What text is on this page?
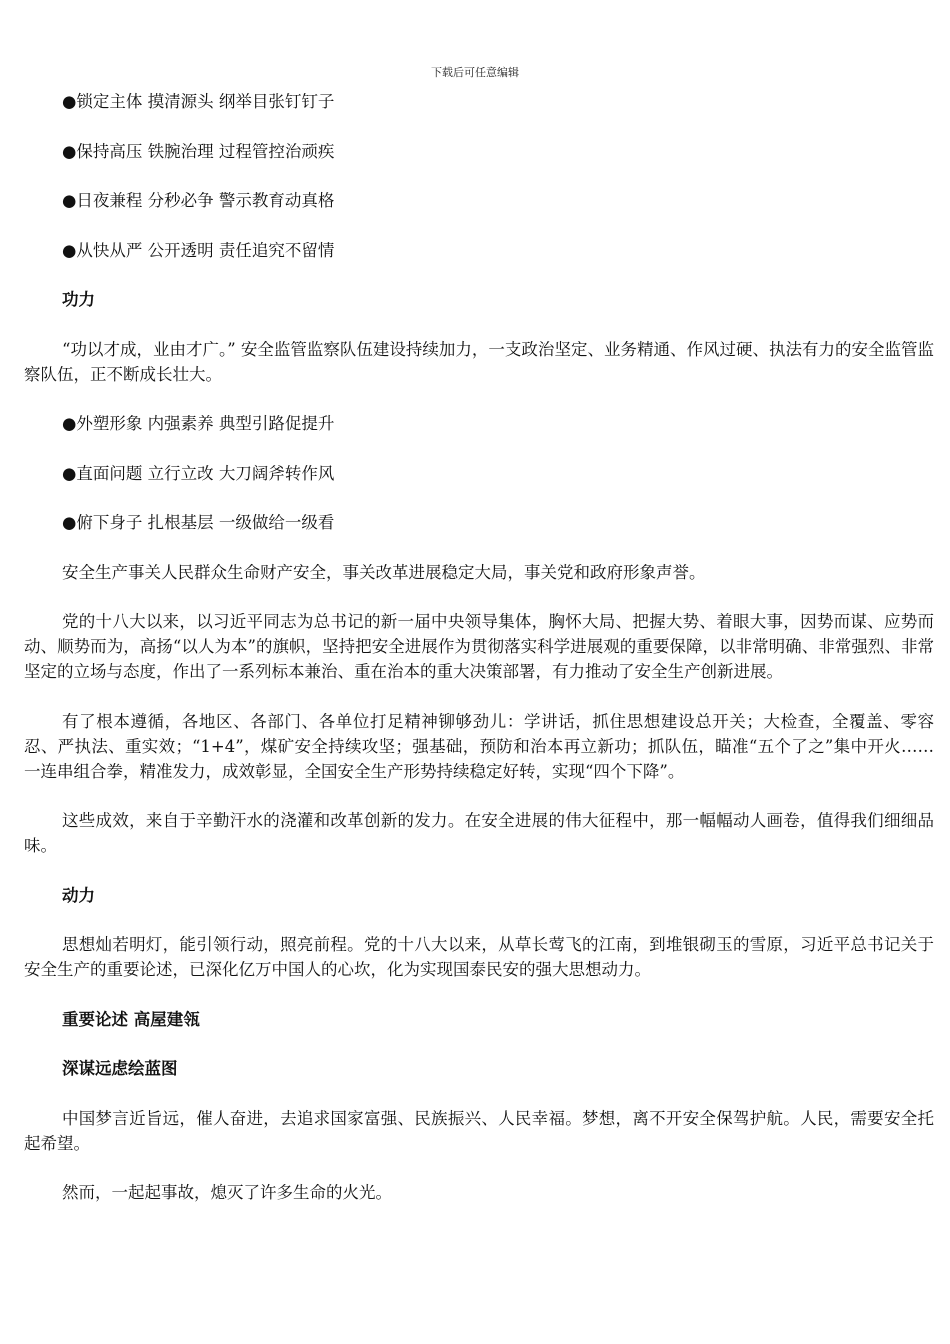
下载后可任意编辑

●锁定主体 摸清源头 纲举目张钉钉子

●保持高压 铁腕治理 过程管控治顽疾

●日夜兼程 分秒必争 警示教育动真格

●从快从严 公开透明 责任追究不留情

功力

“功以才成，业由才广。” 安全监管监察队伍建设持续加力，一支政治坚定、业务精通、作风过硬、执法有力的安全监管监察队伍，正不断成长壮大。

●外塑形象 内强素养 典型引路促提升

●直面问题 立行立改 大刀阔斧转作风

●俯下身子 扎根基层 一级做给一级看

安全生产事关人民群众生命财产安全，事关改革进展稳定大局，事关党和政府形象声誉。

党的十八大以来，以习近平同志为总书记的新一届中央领导集体，胸怀大局、把握大势、着眼大事，因势而谋、应势而动、顺势而为，高扬“以人为本”的旗帜，坚持把安全进展作为贯彻落实科学进展观的重要保障，以非常明确、非常强烈、非常坚定的立场与态度，作出了一系列标本兼治、重在治本的重大决策部署，有力推动了安全生产创新进展。

有了根本遵循，各地区、各部门、各单位打足精神铆够劲儿：学讲话，抓住思想建设总开关；大检查，全覆盖、零容忍、严执法、重实效；“1+4”，煤矿安全持续攻坚；强基础，预防和治本再立新功；抓队伍，瞄准“五个了之”集中开火……一连串组合拳，精准发力，成效彰显，全国安全生产形势持续稳定好转，实现“四个下降”。

这些成效，来自于辛勤汗水的浇灌和改革创新的发力。在安全进展的伟大征程中，那一幅幅动人画卷，值得我们细细品味。

动力

思想灿若明灯，能引领行动，照亮前程。党的十八大以来，从草长莺飞的江南，到堆银砌玉的雪原，习近平总书记关于安全生产的重要论述，已深化亿万中国人的心坎，化为实现国泰民安的强大思想动力。

重要论述 高屋建瓴

深谋远虑绘蓝图

中国梦言近旨远，催人奋进，去追求国家富强、民族振兴、人民幸福。梦想，离不开安全保驾护航。人民，需要安全托起希望。

然而，一起起事故，熄灭了许多生命的火光。
